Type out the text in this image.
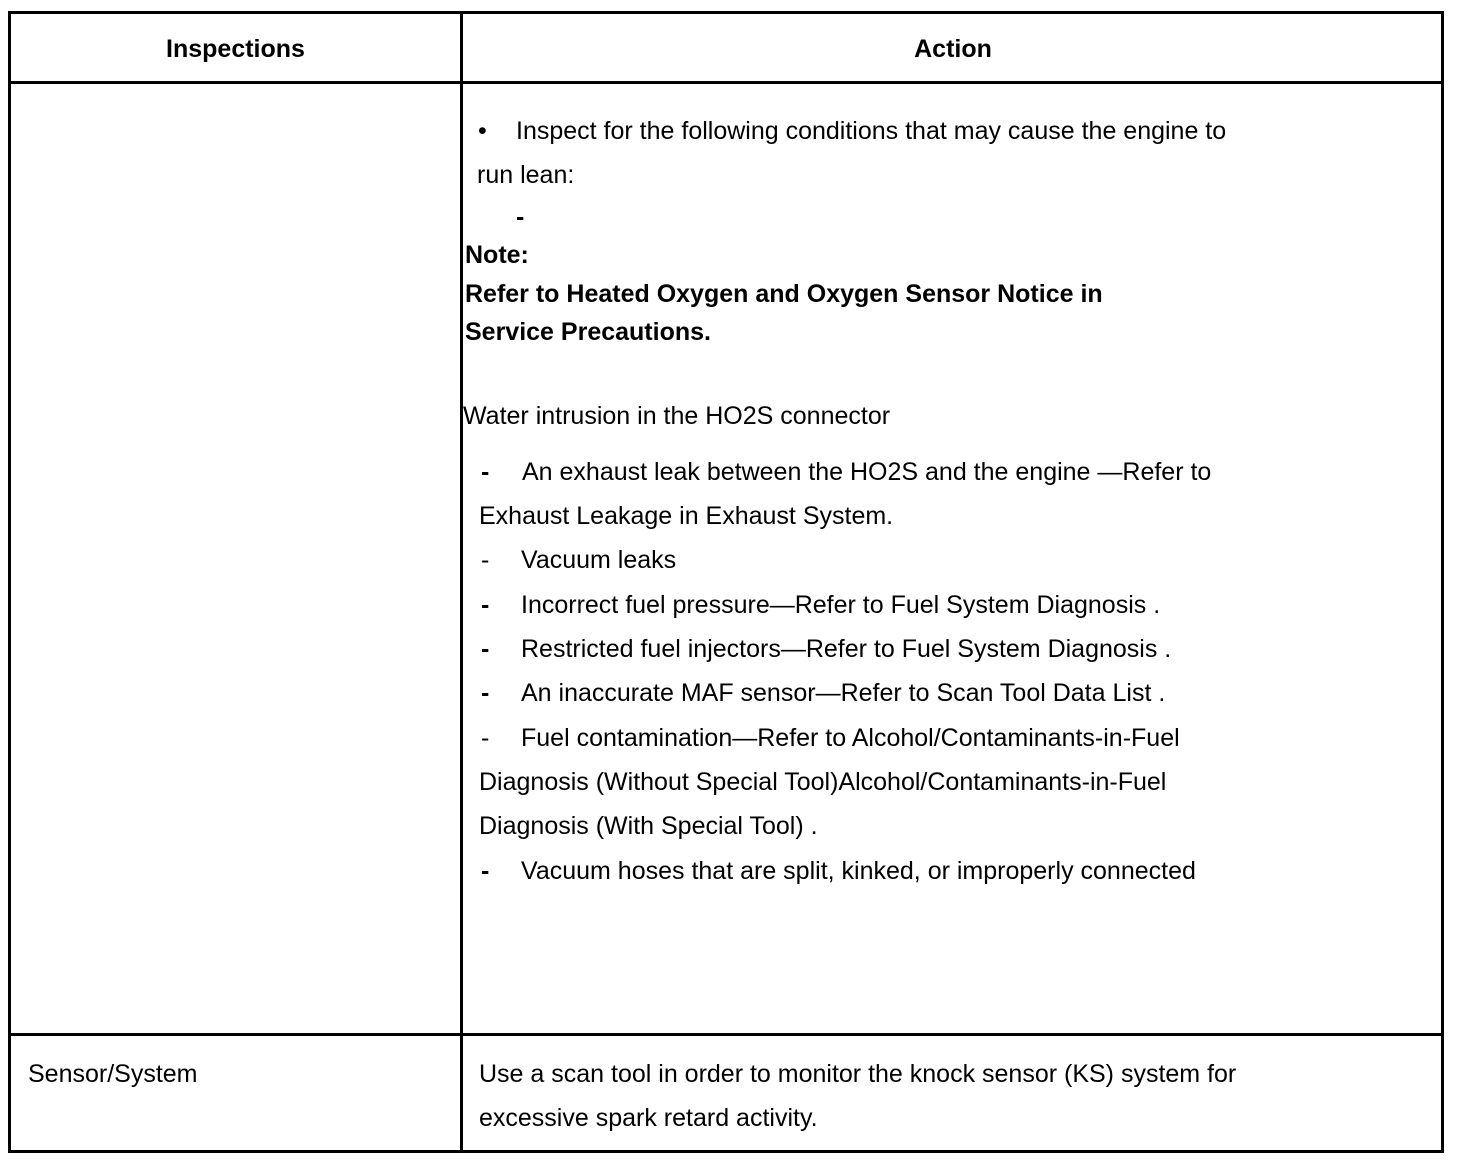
Inspections	Action
• Inspect for the following conditions that may cause the engine to
run lean:
-
Note:
Refer to Heated Oxygen and Oxygen Sensor Notice in
Service Precautions.
Water intrusion in the HO2S connector
- An exhaust leak between the HO2S and the engine —Refer to
Exhaust Leakage in Exhaust System.
- Vacuum leaks
- Incorrect fuel pressure—Refer to Fuel System Diagnosis .
- Restricted fuel injectors—Refer to Fuel System Diagnosis .
- An inaccurate MAF sensor—Refer to Scan Tool Data List .
- Fuel contamination—Refer to Alcohol/Contaminants-in-Fuel
Diagnosis (Without Special Tool)Alcohol/Contaminants-in-Fuel
Diagnosis (With Special Tool) .
- Vacuum hoses that are split, kinked, or improperly connected
Sensor/System	Use a scan tool in order to monitor the knock sensor (KS) system for
excessive spark retard activity.
